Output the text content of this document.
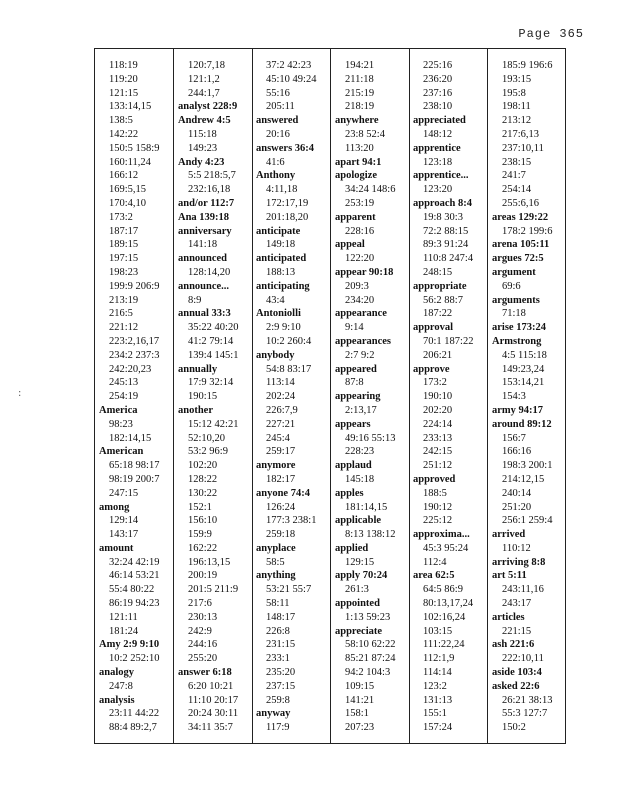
Page 365
:
118:19
119:20
121:15
133:14,15
138:5
142:22
150:5 158:9
160:11,24
166:12
169:5,15
170:4,10
173:2
187:17
189:15
197:15
198:23
199:9 206:9
213:19
216:5
221:12
223:2,16,17
234:2 237:3
242:20,23
245:13
254:19
America
98:23
182:14,15
American
65:18 98:17
98:19 200:7
247:15
among
129:14
143:17
amount
32:24 42:19
46:14 53:21
55:4 80:22
86:19 94:23
121:11
181:24
Amy 2:9 9:10
10:2 252:10
analogy
247:8
analysis
23:11 44:22
88:4 89:2,7
120:7,18
121:1,2
244:1,7
analyst 228:9
Andrew 4:5
115:18
149:23
Andy 4:23
5:5 218:5,7
232:16,18
and/or 112:7
Ana 139:18
anniversary
141:18
announced
128:14,20
announce...
8:9
annual 33:3
35:22 40:20
41:2 79:14
139:4 145:1
annually
17:9 32:14
190:15
another
15:12 42:21
52:10,20
53:2 96:9
102:20
128:22
130:22
152:1
156:10
159:9
162:22
196:13,15
200:19
201:5 211:9
217:6
230:13
242:9
244:16
255:20
answer 6:18
6:20 10:21
11:10 20:17
20:24 30:11
34:11 35:7
37:2 42:23
45:10 49:24
55:16
205:11
answered
20:16
answers 36:4
41:6
Anthony
4:11,18
172:17,19
201:18,20
anticipate
149:18
anticipated
188:13
anticipating
43:4
Antoniolli
2:9 9:10
10:2 260:4
anybody
54:8 83:17
113:14
202:24
226:7,9
227:21
245:4
259:17
anymore
182:17
anyone 74:4
126:24
177:3 238:1
259:18
anyplace
58:5
anything
53:21 55:7
58:11
148:17
226:8
231:15
233:1
235:20
237:15
259:8
anyway
117:9
194:21
211:18
215:19
218:19
anywhere
23:8 52:4
113:20
apart 94:1
apologize
34:24 148:6
253:19
apparent
228:16
appeal
122:20
appear 90:18
209:3
234:20
appearance
9:14
appearances
2:7 9:2
appeared
87:8
appearing
2:13,17
appears
49:16 55:13
228:23
applaud
145:18
apples
181:14,15
applicable
8:13 138:12
applied
129:15
apply 70:24
261:3
appointed
1:13 59:23
appreciate
58:10 62:22
85:21 87:24
94:2 104:3
109:15
141:21
158:1
207:23
225:16
236:20
237:16
238:10
appreciated
148:12
apprentice
123:18
apprentice...
123:20
approach 8:4
19:8 30:3
72:2 88:15
89:3 91:24
110:8 247:4
248:15
appropriate
56:2 88:7
187:22
approval
70:1 187:22
206:21
approve
173:2
190:10
202:20
224:14
233:13
242:15
251:12
approved
188:5
190:12
225:12
approxima...
45:3 95:24
112:4
area 62:5
64:5 86:9
80:13,17,24
102:16,24
103:15
111:22,24
112:1,9
114:14
123:2
131:13
155:1
157:24
185:9 196:6
193:15
195:8
198:11
213:12
217:6,13
237:10,11
238:15
241:7
254:14
255:6,16
areas 129:22
178:2 199:6
arena 105:11
argues 72:5
argument
69:6
arguments
71:18
arise 173:24
Armstrong
4:5 115:18
149:23,24
153:14,21
154:3
army 94:17
around 89:12
156:7
166:16
198:3 200:1
214:12,15
240:14
251:20
256:1 259:4
arrived
110:12
arriving 8:8
art 5:11
243:11,16
243:17
articles
221:15
ash 221:6
222:10,11
aside 103:4
asked 22:6
26:21 38:13
55:3 127:7
150:2
